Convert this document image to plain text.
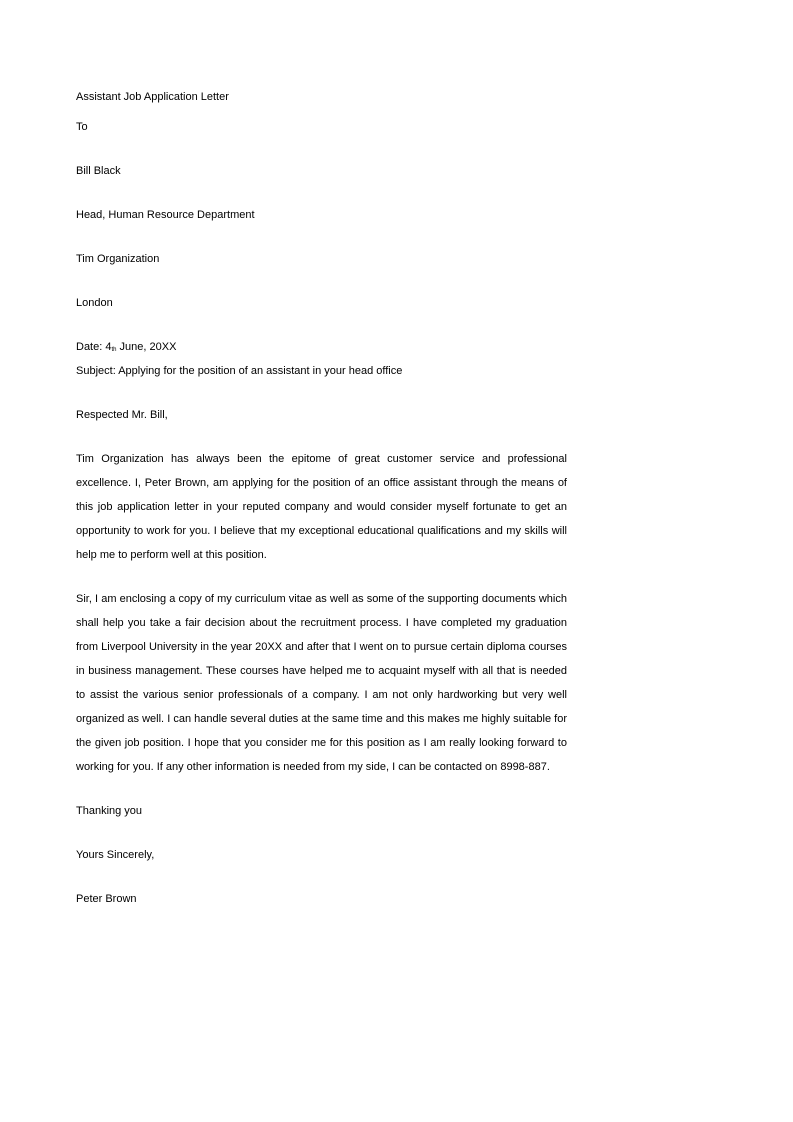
Assistant Job Application Letter

To

Bill Black

Head, Human Resource Department

Tim Organization

London

Date: 4th June, 20XX

Subject: Applying for the position of an assistant in your head office

Respected Mr. Bill,

Tim Organization has always been the epitome of great customer service and professional excellence. I, Peter Brown, am applying for the position of an office assistant through the means of this job application letter in your reputed company and would consider myself fortunate to get an opportunity to work for you. I believe that my exceptional educational qualifications and my skills will help me to perform well at this position.

Sir, I am enclosing a copy of my curriculum vitae as well as some of the supporting documents which shall help you take a fair decision about the recruitment process. I have completed my graduation from Liverpool University in the year 20XX and after that I went on to pursue certain diploma courses in business management. These courses have helped me to acquaint myself with all that is needed to assist the various senior professionals of a company. I am not only hardworking but very well organized as well. I can handle several duties at the same time and this makes me highly suitable for the given job position. I hope that you consider me for this position as I am really looking forward to working for you. If any other information is needed from my side, I can be contacted on 8998-887.

Thanking you

Yours Sincerely,

Peter Brown
